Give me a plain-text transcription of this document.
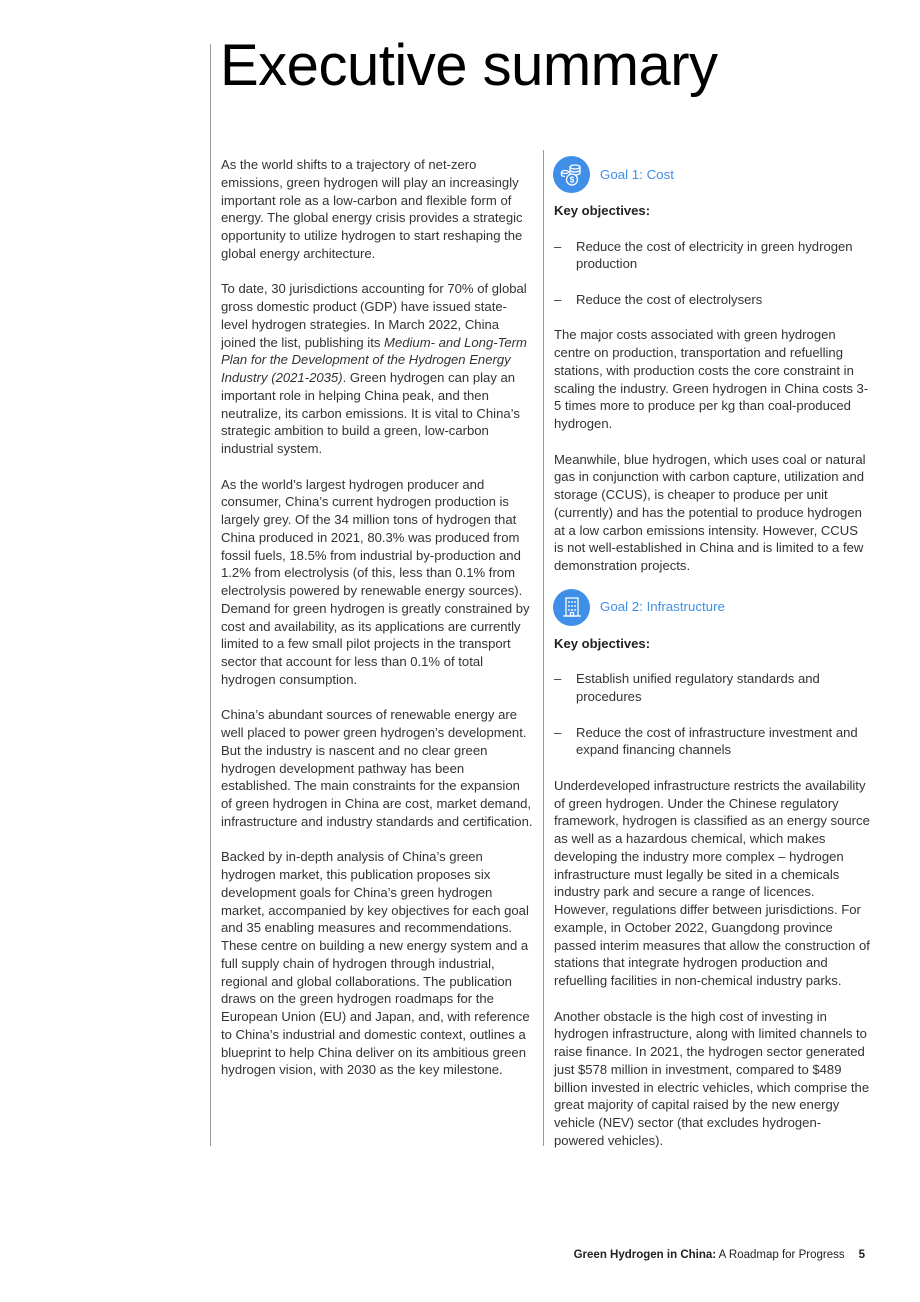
Executive summary

As the world shifts to a trajectory of net-zero emissions, green hydrogen will play an increasingly important role as a low-carbon and flexible form of energy. The global energy crisis provides a strategic opportunity to utilize hydrogen to start reshaping the global energy architecture.

To date, 30 jurisdictions accounting for 70% of global gross domestic product (GDP) have issued state-level hydrogen strategies. In March 2022, China joined the list, publishing its Medium- and Long-Term Plan for the Development of the Hydrogen Energy Industry (2021-2035). Green hydrogen can play an important role in helping China peak, and then neutralize, its carbon emissions. It is vital to China’s strategic ambition to build a green, low-carbon industrial system.

As the world’s largest hydrogen producer and consumer, China’s current hydrogen production is largely grey. Of the 34 million tons of hydrogen that China produced in 2021, 80.3% was produced from fossil fuels, 18.5% from industrial by-production and 1.2% from electrolysis (of this, less than 0.1% from electrolysis powered by renewable energy sources). Demand for green hydrogen is greatly constrained by cost and availability, as its applications are currently limited to a few small pilot projects in the transport sector that account for less than 0.1% of total hydrogen consumption.

China’s abundant sources of renewable energy are well placed to power green hydrogen’s development. But the industry is nascent and no clear green hydrogen development pathway has been established. The main constraints for the expansion of green hydrogen in China are cost, market demand, infrastructure and industry standards and certification.

Backed by in-depth analysis of China’s green hydrogen market, this publication proposes six development goals for China’s green hydrogen market, accompanied by key objectives for each goal and 35 enabling measures and recommendations. These centre on building a new energy system and a full supply chain of hydrogen through industrial, regional and global collaborations. The publication draws on the green hydrogen roadmaps for the European Union (EU) and Japan, and, with reference to China’s industrial and domestic context, outlines a blueprint to help China deliver on its ambitious green hydrogen vision, with 2030 as the key milestone.

$ Goal 1: Cost
Key objectives:
– Reduce the cost of electricity in green hydrogen production
– Reduce the cost of electrolysers

The major costs associated with green hydrogen centre on production, transportation and refuelling stations, with production costs the core constraint in scaling the industry. Green hydrogen in China costs 3-5 times more to produce per kg than coal-produced hydrogen.

Meanwhile, blue hydrogen, which uses coal or natural gas in conjunction with carbon capture, utilization and storage (CCUS), is cheaper to produce per unit (currently) and has the potential to produce hydrogen at a low carbon emissions intensity. However, CCUS is not well-established in China and is limited to a few demonstration projects.

Goal 2: Infrastructure
Key objectives:
– Establish unified regulatory standards and procedures
– Reduce the cost of infrastructure investment and expand financing channels

Underdeveloped infrastructure restricts the availability of green hydrogen. Under the Chinese regulatory framework, hydrogen is classified as an energy source as well as a hazardous chemical, which makes developing the industry more complex – hydrogen infrastructure must legally be sited in a chemicals industry park and secure a range of licences. However, regulations differ between jurisdictions. For example, in October 2022, Guangdong province passed interim measures that allow the construction of stations that integrate hydrogen production and refuelling facilities in non-chemical industry parks.

Another obstacle is the high cost of investing in hydrogen infrastructure, along with limited channels to raise finance. In 2021, the hydrogen sector generated just $578 million in investment, compared to $489 billion invested in electric vehicles, which comprise the great majority of capital raised by the new energy vehicle (NEV) sector (that excludes hydrogen-powered vehicles).

Green Hydrogen in China: A Roadmap for Progress 5
